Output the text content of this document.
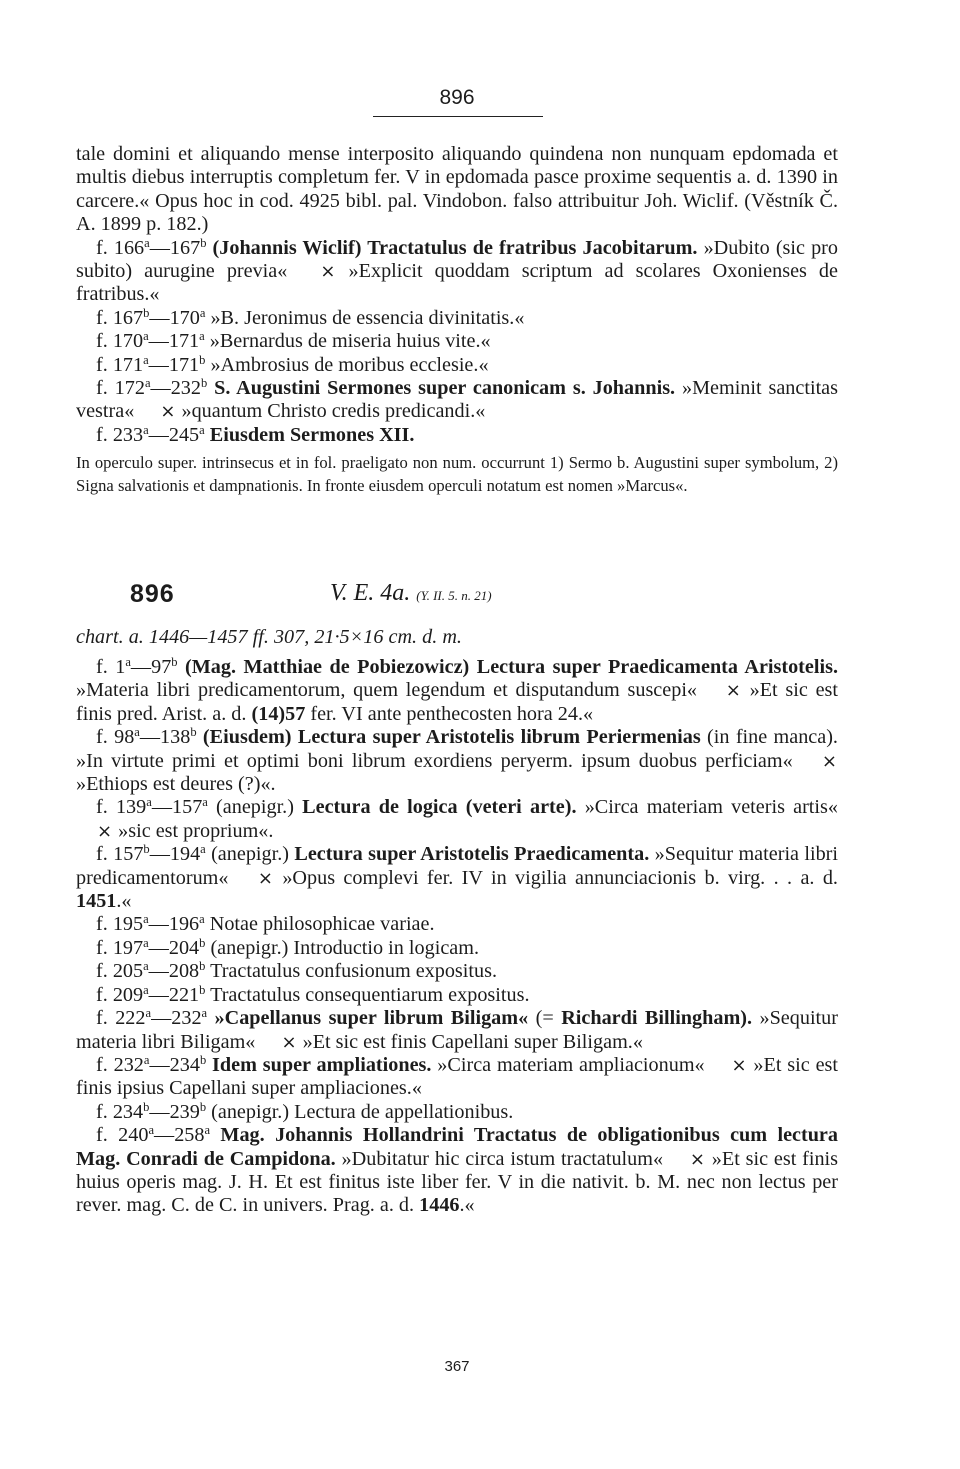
896

tale domini et aliquando mense interposito aliquando quindena non nunquam epdomada et multis diebus interruptis completum fer. V in epdomada pasce proxime sequentis a. d. 1390 in carcere.« Opus hoc in cod. 4925 bibl. pal. Vindobon. falso attribuitur Joh. Wiclif. (Věstník Č. A. 1899 p. 182.)

f. 166$^a$—167$^b$ (Johannis Wiclif) Tractatulus de fratribus Jacobitarum. »Dubito (sic pro subito) aurugine previa« × »Explicit quoddam scriptum ad scolares Oxonienses de fratribus.«

f. 167$^b$—170$^a$ »B. Jeronimus de essencia divinitatis.«

f. 170$^a$—171$^a$ »Bernardus de miseria huius vite.«

f. 171$^a$—171$^b$ »Ambrosius de moribus ecclesie.«

f. 172$^a$—232$^b$ S. Augustini Sermones super canonicam s. Johannis. »Meminit sanctitas vestra« × »quantum Christo credis predicandi.«

f. 233$^a$—245$^a$ Eiusdem Sermones XII.

In operculo super. intrinsecus et in fol. praeligato non num. occurrunt 1) Sermo b. Augustini super symbolum, 2) Signa salvationis et dampnationis. In fronte eiusdem operculi notatum est nomen »Marcus«.

896	V. E. 4a. (Y. II. 5. n. 21)
chart. a. 1446—1457 ff. 307, 21·5×16 cm. d. m.

f. 1$^a$—97$^b$ (Mag. Matthiae de Pobiezowicz) Lectura super Praedicamenta Aristotelis. »Materia libri predicamentorum, quem legendum et disputandum suscepi« × »Et sic est finis pred. Arist. a. d. (14)57 fer. VI ante penthecosten hora 24.«

f. 98$^a$—138$^b$ (Eiusdem) Lectura super Aristotelis librum Periermenias (in fine manca). »In virtute primi et optimi boni librum exordiens peryerm. ipsum duobus perficiam« × »Ethiops est deures (?)«.

f. 139$^a$—157$^a$ (anepigr.) Lectura de logica (veteri arte). »Circa materiam veteris artis« × »sic est proprium«.

f. 157$^b$—194$^a$ (anepigr.) Lectura super Aristotelis Praedicamenta. »Sequitur materia libri predicamentorum« × »Opus complevi fer. IV in vigilia annunciacionis b. virg. . . a. d. 1451.«

f. 195$^a$—196$^a$ Notae philosophicae variae.

f. 197$^a$—204$^b$ (anepigr.) Introductio in logicam.

f. 205$^a$—208$^b$ Tractatulus confusionum expositus.

f. 209$^a$—221$^b$ Tractatulus consequentiarum expositus.

f. 222$^a$—232$^a$ »Capellanus super librum Biligam« (= Richardi Billingham). »Sequitur materia libri Biligam« × »Et sic est finis Capellani super Biligam.«

f. 232$^a$—234$^b$ Idem super ampliationes. »Circa materiam ampliacionum« × »Et sic est finis ipsius Capellani super ampliaciones.«

f. 234$^b$—239$^b$ (anepigr.) Lectura de appellationibus.

f. 240$^a$—258$^a$ Mag. Johannis Hollandrini Tractatus de obligationibus cum lectura Mag. Conradi de Campidona. »Dubitatur hic circa istum tractatulum« × »Et sic est finis huius operis mag. J. H. Et est finitus iste liber fer. V in die nativit. b. M. nec non lectus per rever. mag. C. de C. in univers. Prag. a. d. 1446.«

367
